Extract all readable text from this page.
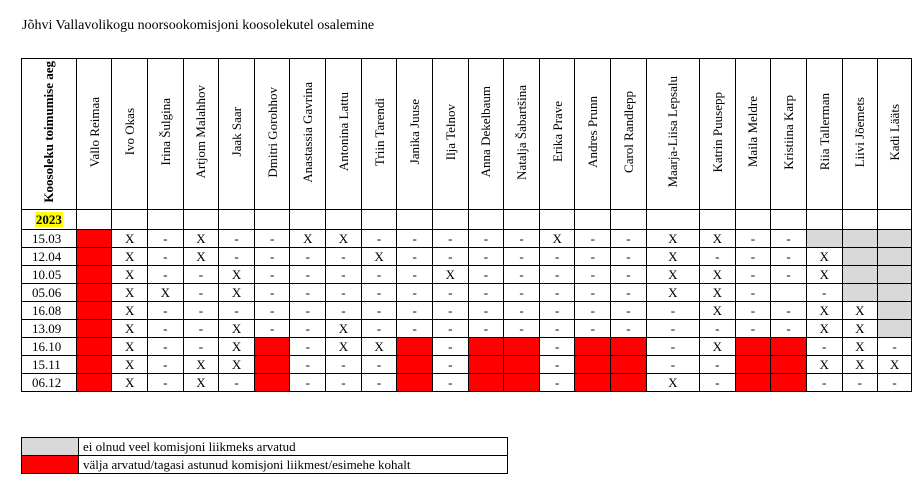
Jõhvi Vallavolikogu noorsookomisjoni koosolekutel osalemine
Koosoleku toimumise aeg	Vallo Reimaa	Ivo Okas	Irina Šulgina	Artjom Malahhov	Jaak Saar	Dmitri Gorohhov	Anastassia Gavrina	Antonina Lattu	Triin Tarendi	Janika Juuse	Ilja Telnov	Anna Dekelbaum	Natalja Šabartšina	Erika Prave	Andres Prunn	Carol Randlepp	Maarja-Liisa Lepsalu	Katrin Puusepp	Maila Meldre	Kristiina Karp	Riia Tallerman	Liivi Jõemets	Kadi Lääts
2023																							
15.03		X	-	X	-	-	X	X	-	-	-	-	-	X	-	-	X	X	-	-			
12.04		X	-	X	-	-	-	-	X	-	-	-	-	-	-	-	X	-	-	-	X		
10.05		X	-	-	X	-	-	-	-	-	X	-	-	-	-	-	X	X	-	-	X		
05.06		X	X	-	X	-	-	-	-	-	-	-	-	-	-	-	X	X	-		-		
16.08		X	-	-	-	-	-	-	-	-	-	-	-	-	-	-	-	X	-	-	X	X	
13.09		X	-	-	X	-	-	X	-	-	-	-	-	-	-	-	-	-	-	-	X	X	
16.10		X	-	-	X		-	X	X		-			-			-	X			-	X	-
15.11		X	-	X	X		-	-	-		-			-			-	-			X	X	X
06.12		X	-	X	-		-	-	-		-			-			X	-			-	-	-
	ei olnud veel komisjoni liikmeks arvatud
	välja arvatud/tagasi astunud komisjoni liikmest/esimehe kohalt
